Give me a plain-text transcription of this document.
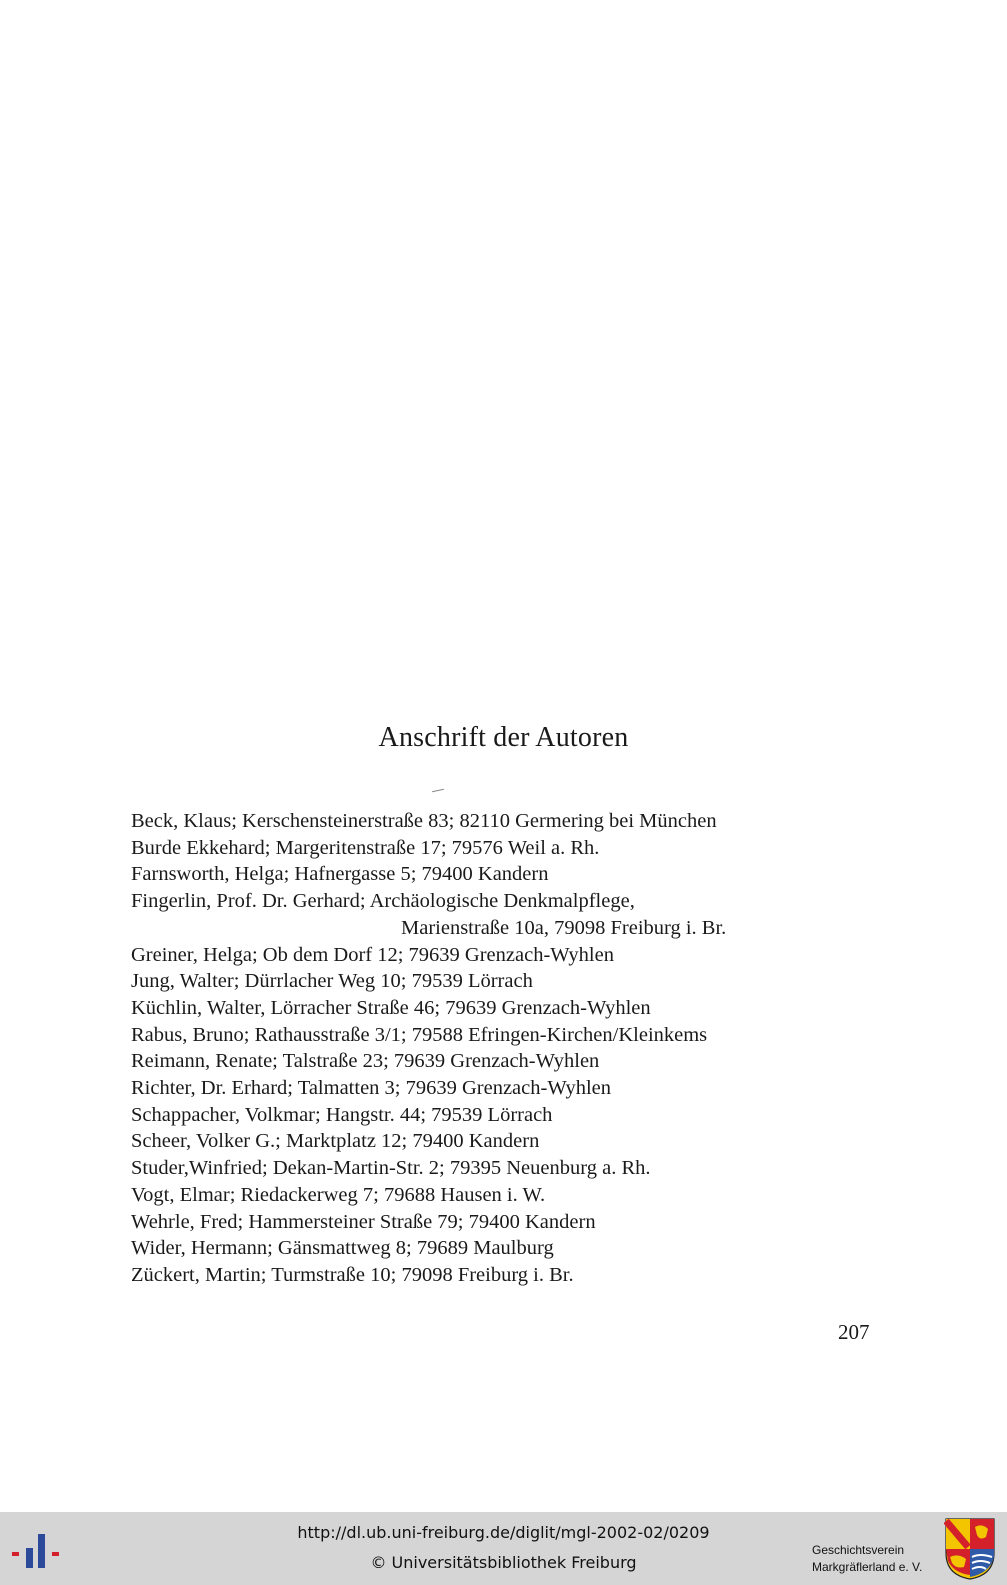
Anschrift der Autoren
Beck, Klaus; Kerschensteinerstraße 83; 82110 Germering bei München
Burde Ekkehard; Margeritenstraße 17; 79576 Weil a. Rh.
Farnsworth, Helga; Hafnergasse 5; 79400 Kandern
Fingerlin, Prof. Dr. Gerhard; Archäologische Denkmalpflege,
Marienstraße 10a, 79098 Freiburg i. Br.
Greiner, Helga; Ob dem Dorf 12; 79639 Grenzach-Wyhlen
Jung, Walter; Dürrlacher Weg 10; 79539 Lörrach
Küchlin, Walter, Lörracher Straße 46; 79639 Grenzach-Wyhlen
Rabus, Bruno; Rathausstraße 3/1; 79588 Efringen-Kirchen/Kleinkems
Reimann, Renate; Talstraße 23; 79639 Grenzach-Wyhlen
Richter, Dr. Erhard; Talmatten 3; 79639 Grenzach-Wyhlen
Schappacher, Volkmar; Hangstr. 44; 79539 Lörrach
Scheer, Volker G.; Marktplatz 12; 79400 Kandern
Studer,Winfried; Dekan-Martin-Str. 2; 79395 Neuenburg a. Rh.
Vogt, Elmar; Riedackerweg 7; 79688 Hausen i. W.
Wehrle, Fred; Hammersteiner Straße 79; 79400 Kandern
Wider, Hermann; Gänsmattweg 8; 79689 Maulburg
Zückert, Martin; Turmstraße 10; 79098 Freiburg i. Br.
207
http://dl.ub.uni-freiburg.de/diglit/mgl-2002-02/0209
© Universitätsbibliothek Freiburg
Geschichtsverein
Markgräflerland e. V.
